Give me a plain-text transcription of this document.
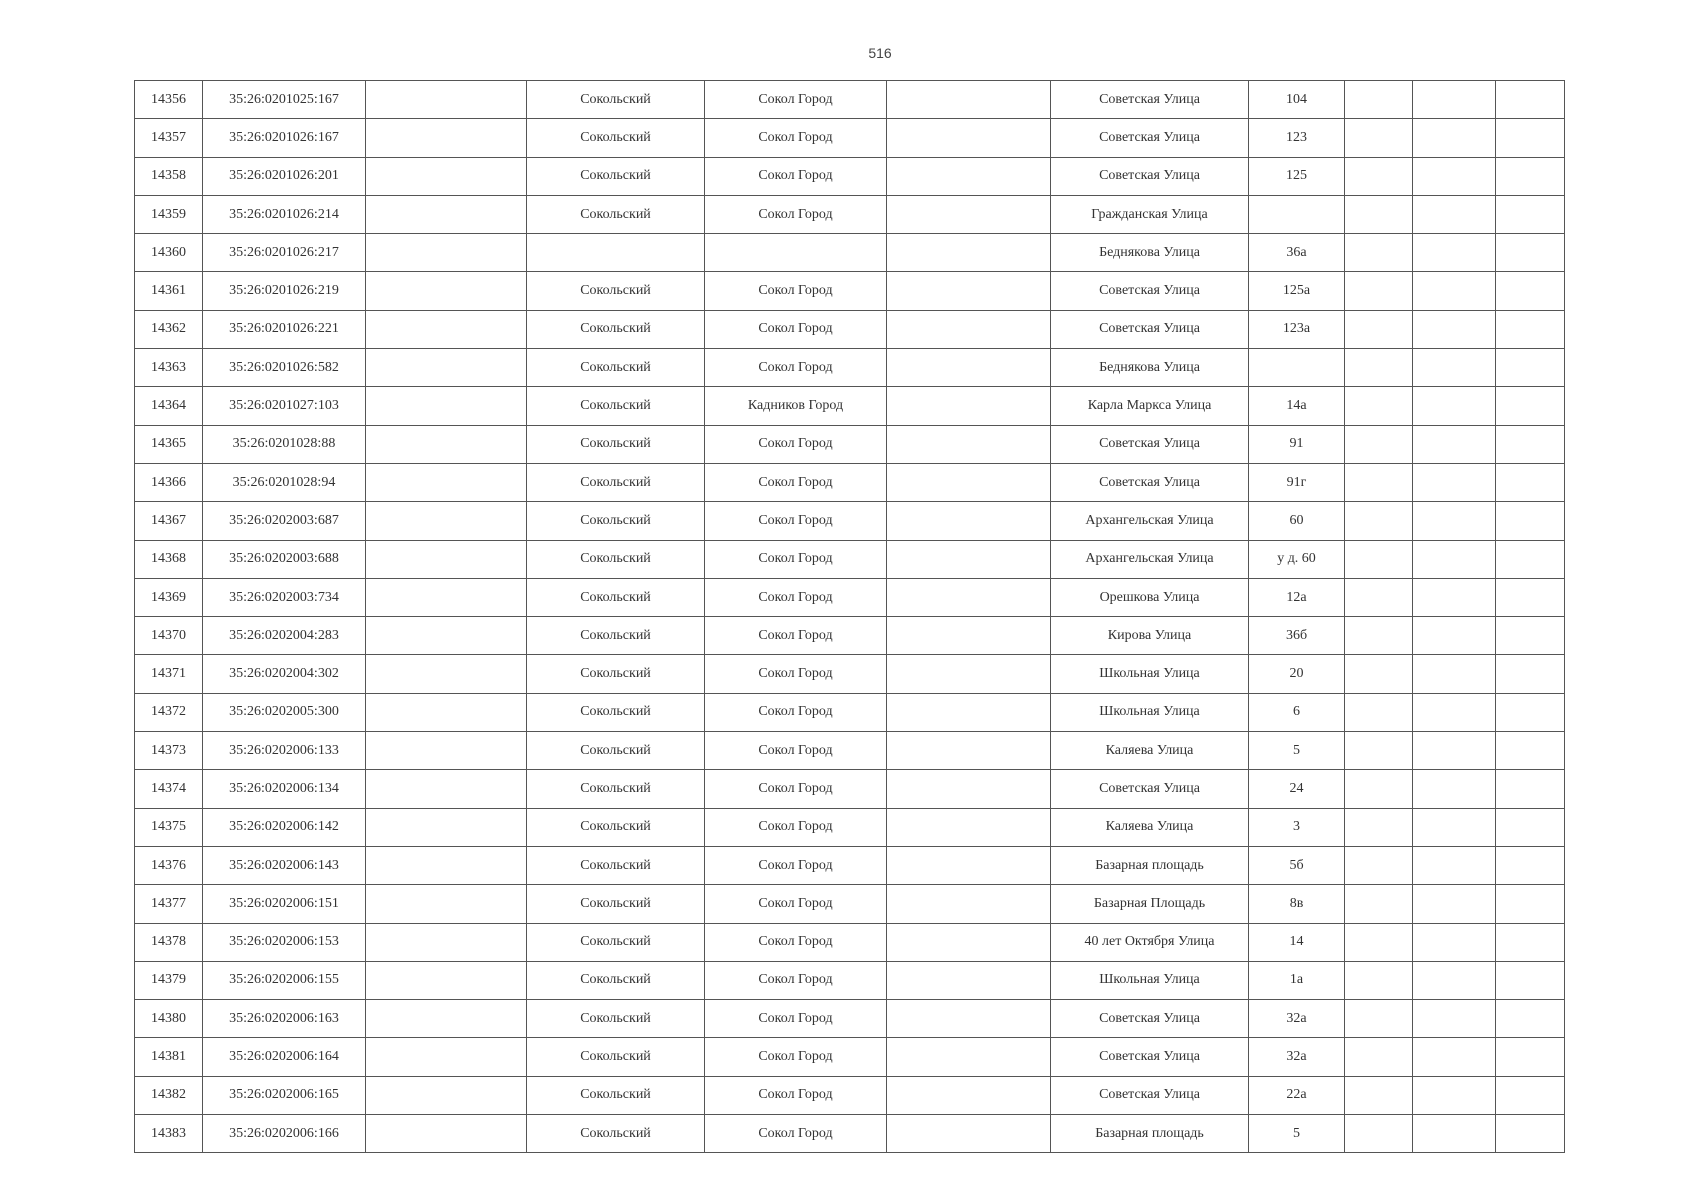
516
14356	35:26:0201025:167		Сокольский	Сокол Город		Советская Улица	104			
14357	35:26:0201026:167		Сокольский	Сокол Город		Советская Улица	123			
14358	35:26:0201026:201		Сокольский	Сокол Город		Советская Улица	125			
14359	35:26:0201026:214		Сокольский	Сокол Город		Гражданская Улица				
14360	35:26:0201026:217					Беднякова Улица	36а			
14361	35:26:0201026:219		Сокольский	Сокол Город		Советская Улица	125а			
14362	35:26:0201026:221		Сокольский	Сокол Город		Советская Улица	123а			
14363	35:26:0201026:582		Сокольский	Сокол Город		Беднякова Улица				
14364	35:26:0201027:103		Сокольский	Кадников Город		Карла Маркса Улица	14а			
14365	35:26:0201028:88		Сокольский	Сокол Город		Советская Улица	91			
14366	35:26:0201028:94		Сокольский	Сокол Город		Советская Улица	91г			
14367	35:26:0202003:687		Сокольский	Сокол Город		Архангельская Улица	60			
14368	35:26:0202003:688		Сокольский	Сокол Город		Архангельская Улица	у д. 60			
14369	35:26:0202003:734		Сокольский	Сокол Город		Орешкова Улица	12а			
14370	35:26:0202004:283		Сокольский	Сокол Город		Кирова Улица	36б			
14371	35:26:0202004:302		Сокольский	Сокол Город		Школьная Улица	20			
14372	35:26:0202005:300		Сокольский	Сокол Город		Школьная Улица	6			
14373	35:26:0202006:133		Сокольский	Сокол Город		Каляева Улица	5			
14374	35:26:0202006:134		Сокольский	Сокол Город		Советская Улица	24			
14375	35:26:0202006:142		Сокольский	Сокол Город		Каляева Улица	3			
14376	35:26:0202006:143		Сокольский	Сокол Город		Базарная площадь	5б			
14377	35:26:0202006:151		Сокольский	Сокол Город		Базарная Площадь	8в			
14378	35:26:0202006:153		Сокольский	Сокол Город		40 лет Октября Улица	14			
14379	35:26:0202006:155		Сокольский	Сокол Город		Школьная Улица	1а			
14380	35:26:0202006:163		Сокольский	Сокол Город		Советская Улица	32а			
14381	35:26:0202006:164		Сокольский	Сокол Город		Советская Улица	32а			
14382	35:26:0202006:165		Сокольский	Сокол Город		Советская Улица	22а			
14383	35:26:0202006:166		Сокольский	Сокол Город		Базарная площадь	5			
